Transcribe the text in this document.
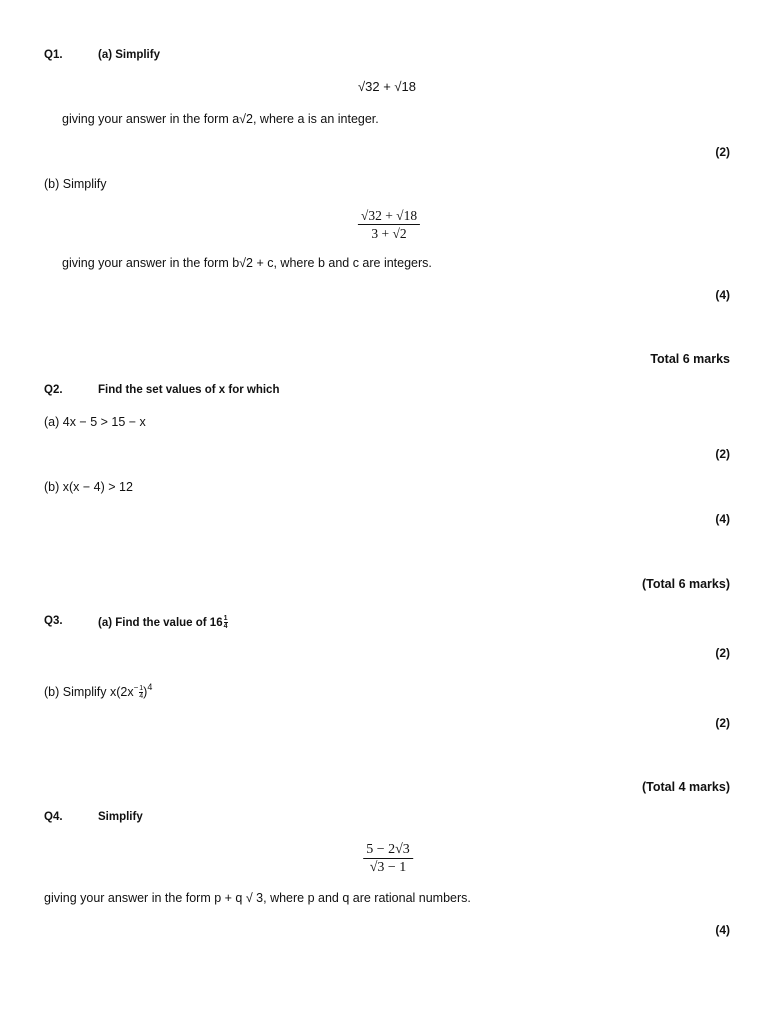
Q1.	(a) Simplify
√32 + √18
giving your answer in the form a√2, where a is an integer.
(2)
(b) Simplify
√32 + √18
3 + √2
giving your answer in the form b√2 + c, where b and c are integers.
(4)
Total 6 marks
Q2.	Find the set values of x for which
(a) 4x − 5 > 15 − x
(2)
(b) x(x − 4) > 12
(4)
(Total 6 marks)
Q3.	(a) Find the value of $16 \frac{1}{4}$
(2)
(b) Simplify $x(2x^- \frac{1}{4} )^4$
(2)
(Total 4 marks)
Q4.	Simplify
5 − 2√3
√3 − 1
giving your answer in the form p + q √ 3, where p and q are rational numbers.
(4)
